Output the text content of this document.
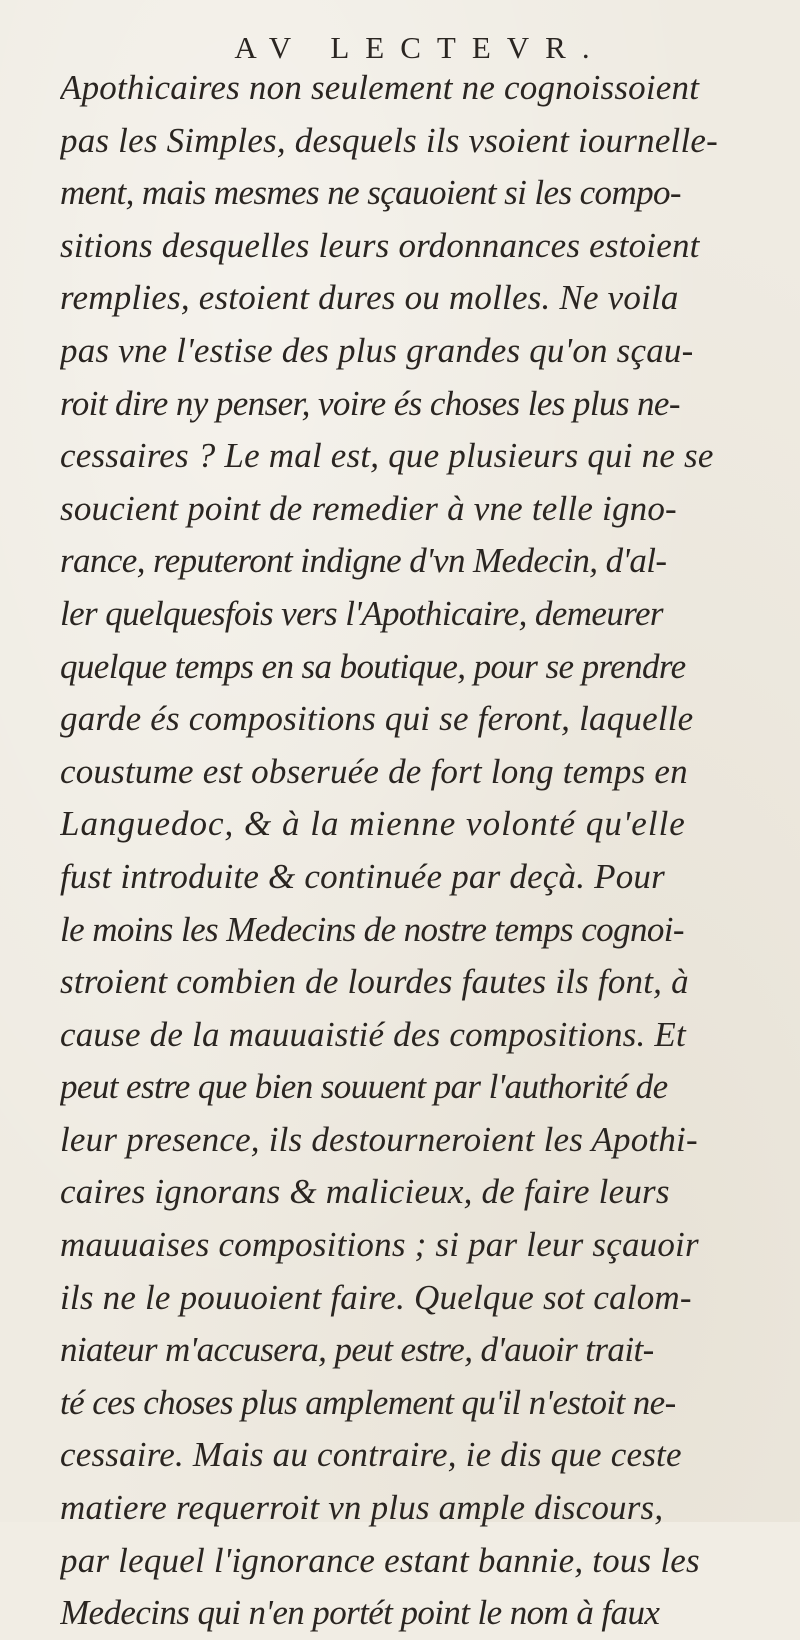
AV LECTEVR.
Apothicaires non seulement ne cognoissoient
pas les Simples, desquels ils vsoient iournelle-
ment, mais mesmes ne sçauoient si les compo-
sitions desquelles leurs ordonnances estoient
remplies, estoient dures ou molles. Ne voila
pas vne l'estise des plus grandes qu'on sçau-
roit dire ny penser, voire és choses les plus ne-
cessaires ? Le mal est, que plusieurs qui ne se
soucient point de remedier à vne telle igno-
rance, reputeront indigne d'vn Medecin, d'al-
ler quelquesfois vers l'Apothicaire, demeurer
quelque temps en sa boutique, pour se prendre
garde és compositions qui se feront, laquelle
coustume est obseruée de fort long temps en
Languedoc, & à la mienne volonté qu'elle
fust introduite & continuée par deçà. Pour
le moins les Medecins de nostre temps cognoi-
stroient combien de lourdes fautes ils font, à
cause de la mauuaistié des compositions. Et
peut estre que bien souuent par l'authorité de
leur presence, ils destourneroient les Apothi-
caires ignorans & malicieux, de faire leurs
mauuaises compositions ; si par leur sçauoir
ils ne le pouuoient faire. Quelque sot calom-
niateur m'accusera, peut estre, d'auoir trait-
té ces choses plus amplement qu'il n'estoit ne-
cessaire. Mais au contraire, ie dis que ceste
matiere requerroit vn plus ample discours,
par lequel l'ignorance estant bannie, tous les
Medecins qui n'en portét point le nom à faux
